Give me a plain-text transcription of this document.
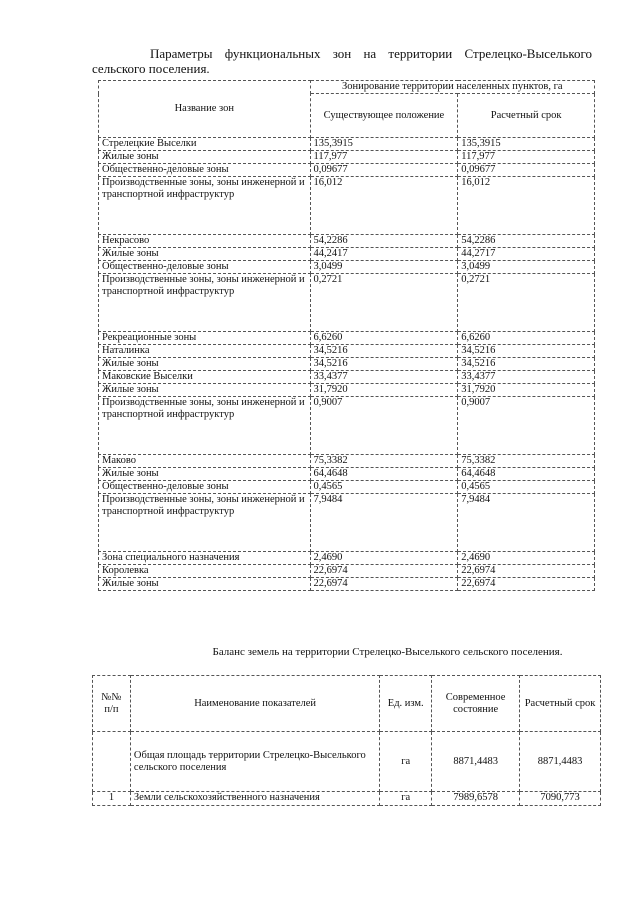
Параметры функциональных зон на территории Стрелецко-Выселького сельского поселения.
Название зон	Зонирование территории населенных пунктов, га	
	Существующее положение	Расчетный срок
Стрелецкие Выселки	135,3915	135,3915
Жилые зоны	117,977	117,977
Общественно-деловые зоны	0,09677	0,09677
Производственные зоны, зоны инженерной и транспортной инфраструктур	16,012	16,012
Некрасово	54,2286	54,2286
Жилые зоны	44,2417	44,2717
Общественно-деловые зоны	3,0499	3,0499
Производственные зоны, зоны инженерной и транспортной инфраструктур	0,2721	0,2721
Рекреационные зоны	6,6260	6,6260
Наталинка	34,5216	34,5216
Жилые зоны	34,5216	34,5216
Маковские Выселки	33,4377	33,4377
Жилые зоны	31,7920	31,7920
Производственные зоны, зоны инженерной и транспортной инфраструктур	0,9007	0,9007
Маково	75,3382	75,3382
Жилые зоны	64,4648	64,4648
Общественно-деловые зоны	0,4565	0,4565
Производственные зоны, зоны инженерной и транспортной инфраструктур	7,9484	7,9484
Зона специального назначения	2,4690	2,4690
Королевка	22,6974	22,6974
Жилые зоны	22,6974	22,6974
Баланс земель на территории Стрелецко-Выселького сельского поселения.
№№ п/п	Наименование показателей	Ед. изм.	Современное состояние	Расчетный срок
	Общая площадь территории Стрелецко-Выселького сельского поселения	га	8871,4483	8871,4483
1	Земли сельскохозяйственного назначения	га	7989,6578	7090,773
